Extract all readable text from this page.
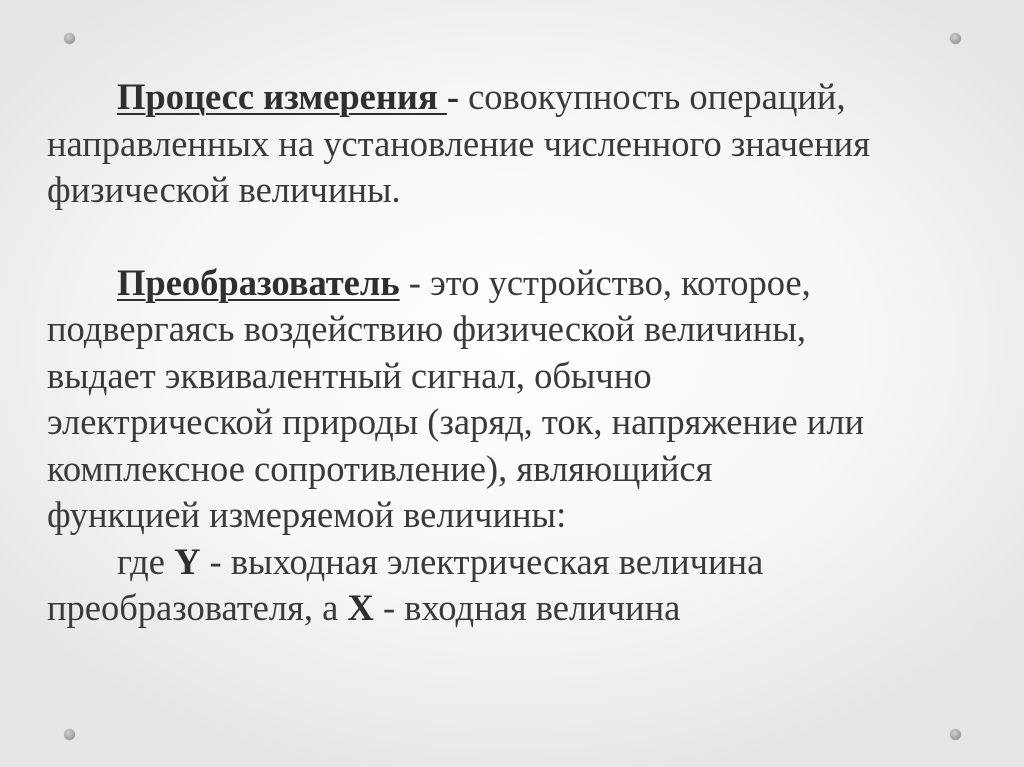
Процесс измерения - совокупность операций,
направленных на установление численного значения
физической величины.

Преобразователь - это устройство, которое,
подвергаясь воздействию физической величины,
выдает эквивалентный сигнал, обычно
электрической природы (заряд, ток, напряжение или
комплексное сопротивление), являющийся
функцией измеряемой величины:

где Y - выходная электрическая величина
преобразователя, а X - входная величина
